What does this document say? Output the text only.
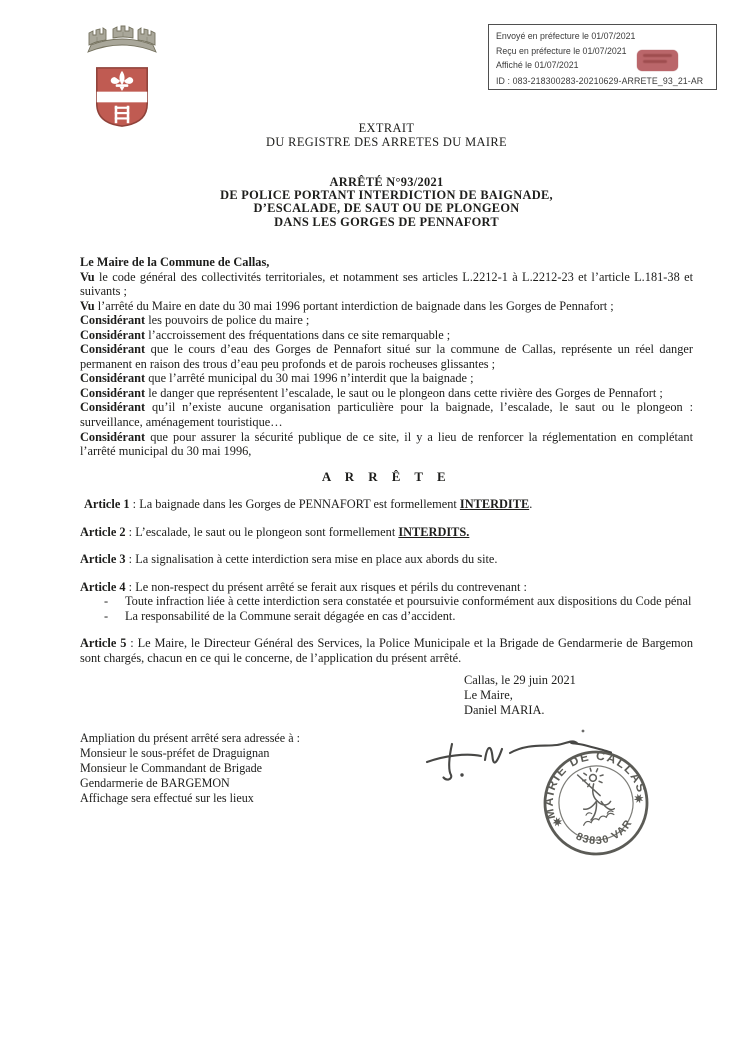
Envoyé en préfecture le 01/07/2021
Reçu en préfecture le 01/07/2021
Affiché le 01/07/2021
ID : 083-218300283-20210629-ARRETE_93_21-AR
EXTRAIT
DU REGISTRE DES ARRETES DU MAIRE
ARRÊTÉ N°93/2021
DE POLICE PORTANT INTERDICTION DE BAIGNADE,
D’ESCALADE, DE SAUT OU DE PLONGEON
DANS LES GORGES DE PENNAFORT

Le Maire de la Commune de Callas,

Vu le code général des collectivités territoriales, et notamment ses articles L.2212-1 à L.2212-23 et l’article L.181-38 et suivants ;

Vu l’arrêté du Maire en date du 30 mai 1996 portant interdiction de baignade dans les Gorges de Pennafort ;

Considérant les pouvoirs de police du maire ;

Considérant l’accroissement des fréquentations dans ce site remarquable ;

Considérant que le cours d’eau des Gorges de Pennafort situé sur la commune de Callas, représente un réel danger permanent en raison des trous d’eau peu profonds et de parois rocheuses glissantes ;

Considérant que l’arrêté municipal du 30 mai 1996 n’interdit que la baignade ;

Considérant le danger que représentent l’escalade, le saut ou le plongeon dans cette rivière des Gorges de Pennafort ;

Considérant qu’il n’existe aucune organisation particulière pour la baignade, l’escalade, le saut ou le plongeon : surveillance, aménagement touristique…

Considérant que pour assurer la sécurité publique de ce site, il y a lieu de renforcer la réglementation en complétant l’arrêté municipal du 30 mai 1996,

A R R Ê T E

Article 1 : La baignade dans les Gorges de PENNAFORT est formellement INTERDITE.

Article 2 : L’escalade, le saut ou le plongeon sont formellement INTERDITS.

Article 3 : La signalisation à cette interdiction sera mise en place aux abords du site.

Article 4 : Le non-respect du présent arrêté se ferait aux risques et périls du contrevenant :

-	Toute infraction liée à cette interdiction sera constatée et poursuivie conformément aux dispositions du Code pénal
-	La responsabilité de la Commune serait dégagée en cas d’accident.

Article 5 : Le Maire, le Directeur Général des Services, la Police Municipale et la Brigade de Gendarmerie de Bargemon sont chargés, chacun en ce qui le concerne, de l’application du présent arrêté.

Callas, le 29 juin 2021
Le Maire,
Daniel MARIA.
Ampliation du présent arrêté sera adressée à :
Monsieur le sous-préfet de Draguignan
Monsieur le Commandant de Brigade
Gendarmerie de BARGEMON
Affichage sera effectué sur les lieux
MAIRIE DE CALLAS
83830 VAR
